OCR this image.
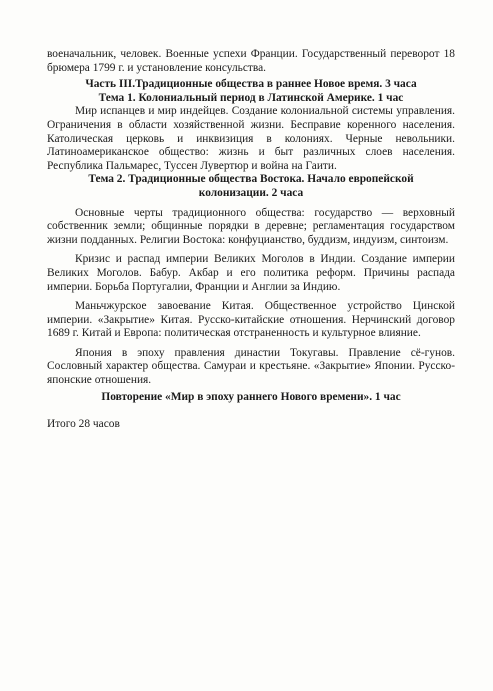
военачальник, человек. Военные успехи Франции. Государственный переворот 18 брюмера 1799 г. и установление консульства.

Часть III.Традиционные общества в раннее Новое время. 3 часа

Тема 1. Колониальный период в Латинской Америке. 1 час

Мир испанцев и мир индейцев. Создание колониальной системы управления. Ограничения в области хозяйственной жизни. Бесправие коренного населения. Католическая церковь и инквизиция в колониях. Черные невольники. Латиноамериканское общество: жизнь и быт различных слоев населения. Республика Пальмарес, Туссен Лувертюр и война на Гаити.

Тема 2. Традиционные общества Востока. Начало европейской колонизации. 2 часа

Основные черты традиционного общества: государство — верховный собственник земли; общинные порядки в деревне; регламентация государством жизни подданных. Религии Востока: конфуцианство, буддизм, индуизм, синтоизм.

Кризис и распад империи Великих Моголов в Индии. Создание империи Великих Моголов. Бабур. Акбар и его политика реформ. Причины распада империи. Борьба Португалии, Франции и Англии за Индию.

Маньчжурское завоевание Китая. Общественное устройство Цинской империи. «Закрытие» Китая. Русско-китайские отношения. Нерчинский договор 1689 г. Китай и Европа: политическая отстраненность и культурное влияние.

Япония в эпоху правления династии Токугавы. Правление сё-гунов. Сословный характер общества. Самураи и крестьяне. «Закрытие» Японии. Русско-японские отношения.

Повторение «Мир в эпоху раннего Нового времени». 1 час

Итого 28 часов
